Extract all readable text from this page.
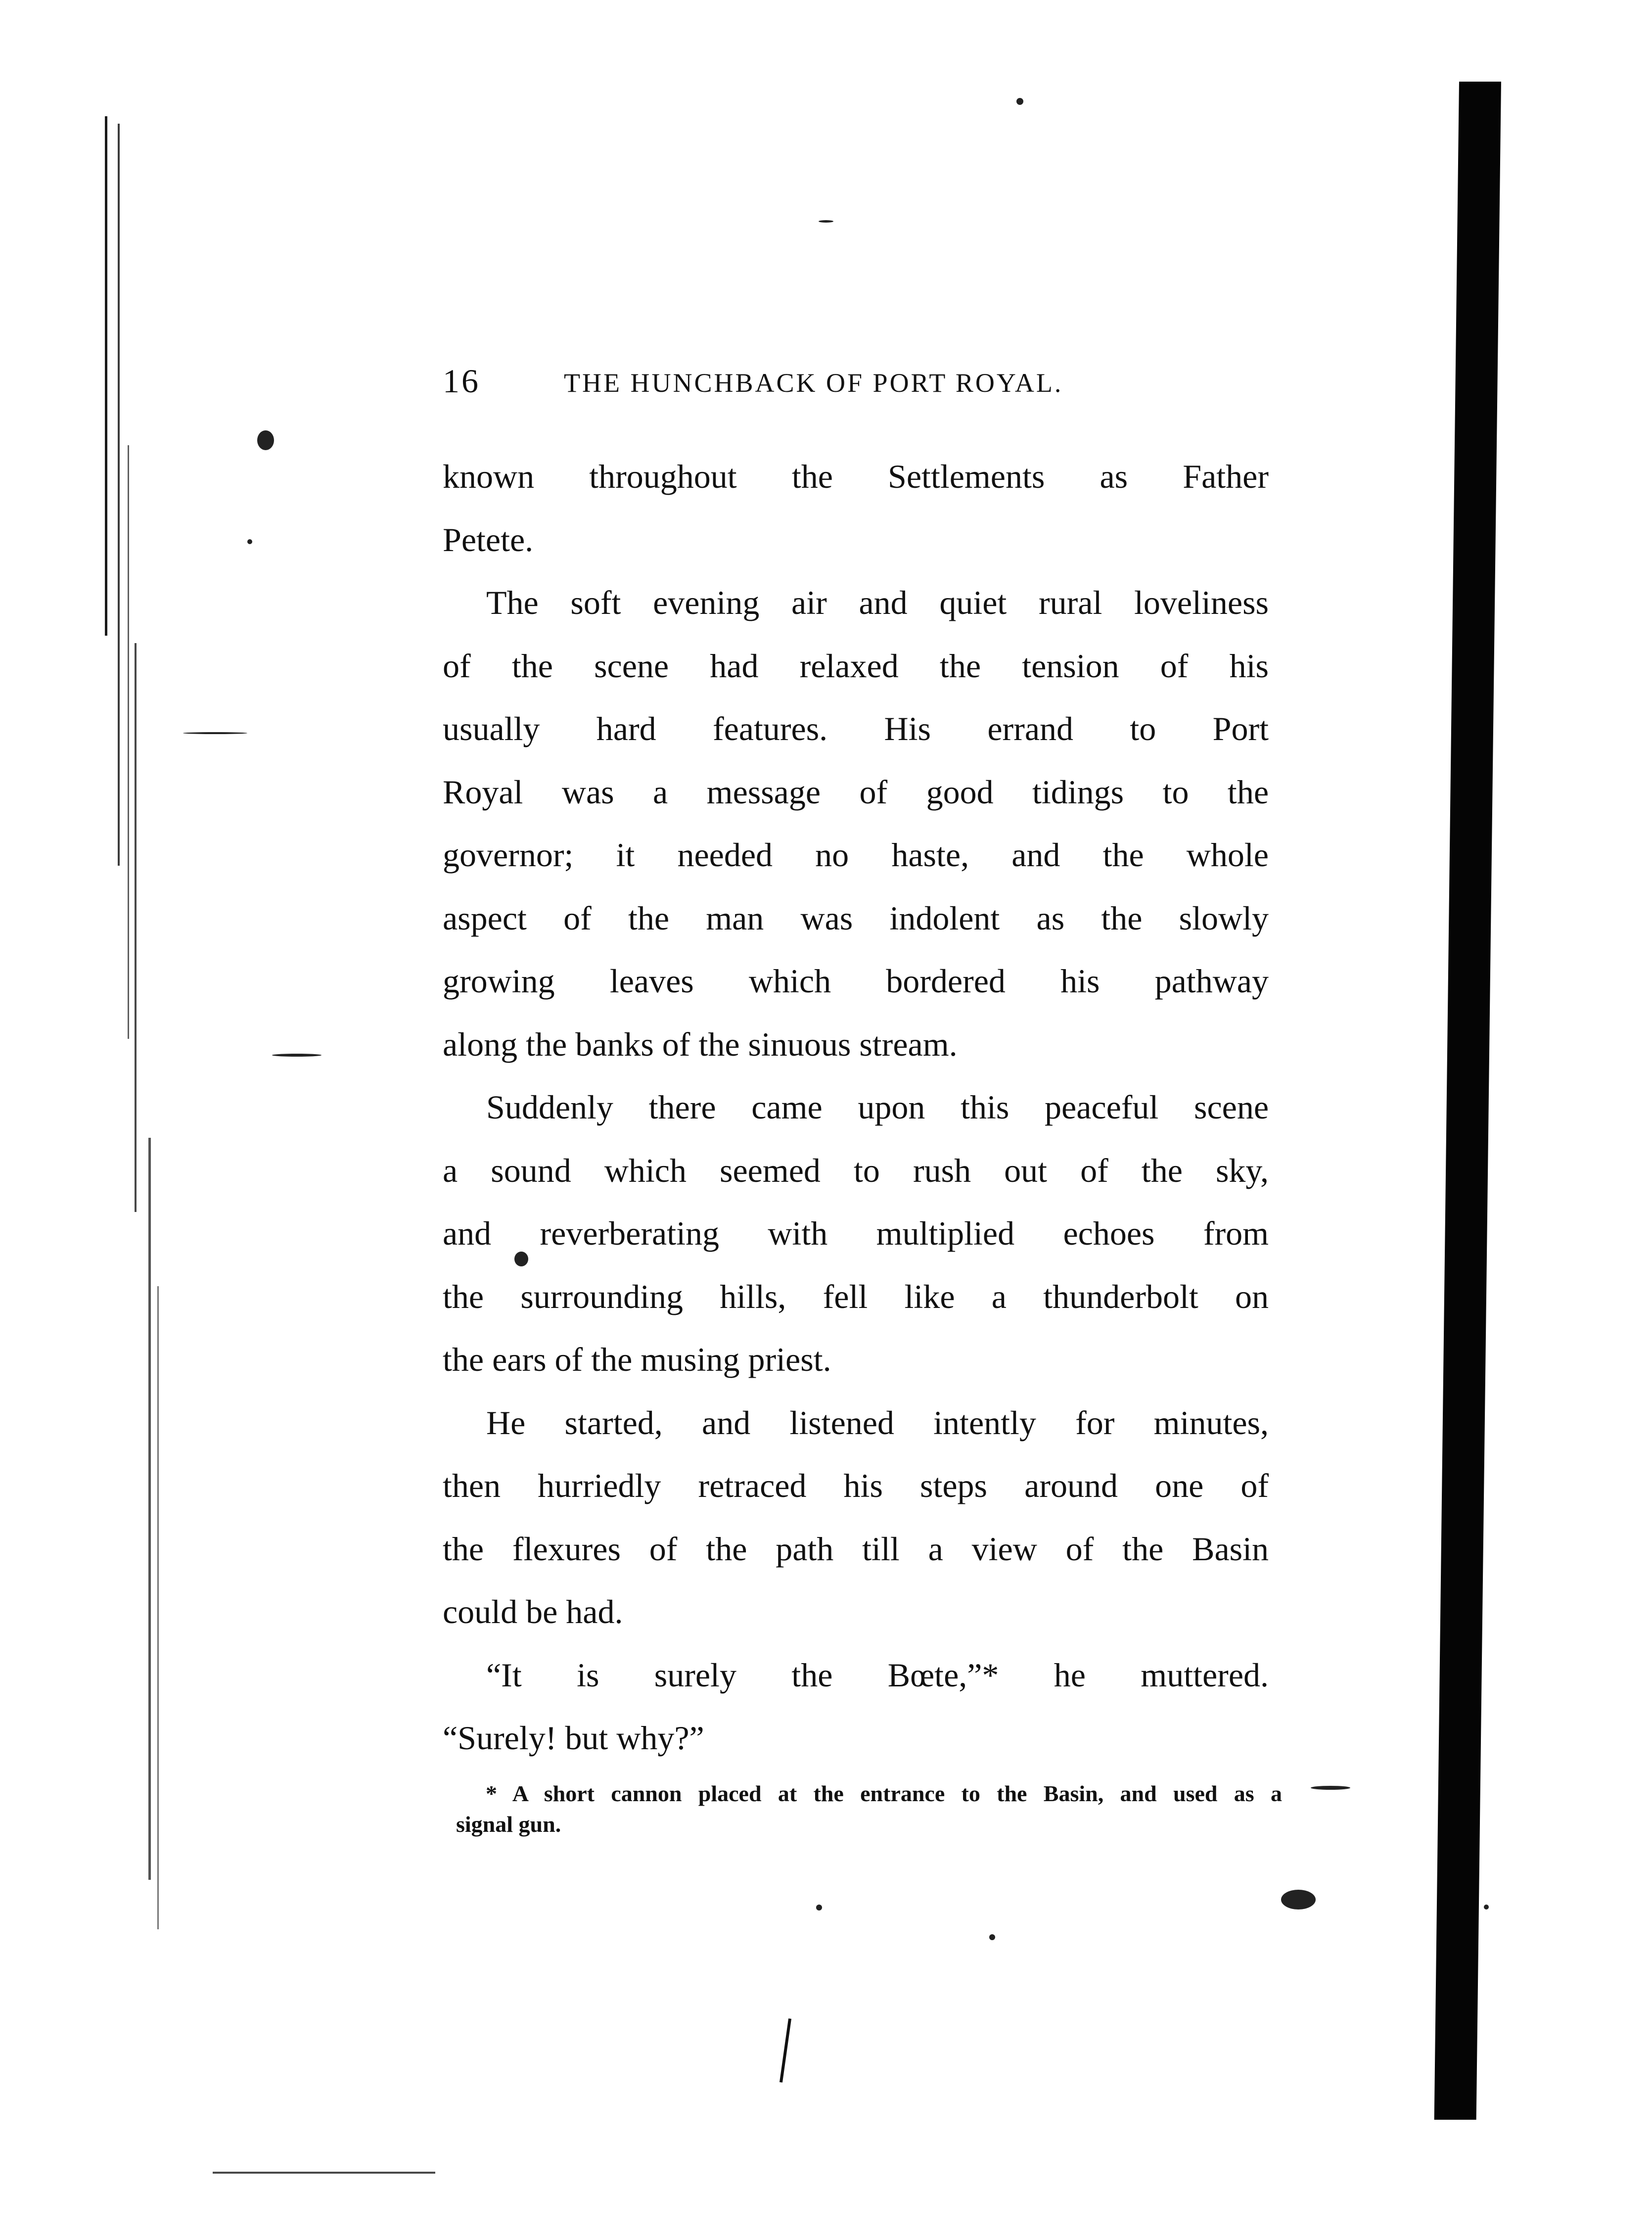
16	THE HUNCHBACK OF PORT ROYAL.

known throughout the Settlements as Father
Petete.

The soft evening air and quiet rural loveliness
of the scene had relaxed the tension of his
usually hard features. His errand to Port
Royal was a message of good tidings to the
governor; it needed no haste, and the whole
aspect of the man was indolent as the slowly
growing leaves which bordered his pathway
along the banks of the sinuous stream.

Suddenly there came upon this peaceful scene
a sound which seemed to rush out of the sky,
and reverberating with multiplied echoes from
the surrounding hills, fell like a thunderbolt on
the ears of the musing priest.

He started, and listened intently for minutes,
then hurriedly retraced his steps around one of
the flexures of the path till a view of the Basin
could be had.

“It is surely the Bœte,”* he muttered.
“Surely! but why?”

* A short cannon placed at the entrance to the Basin, and used as a
signal gun.
